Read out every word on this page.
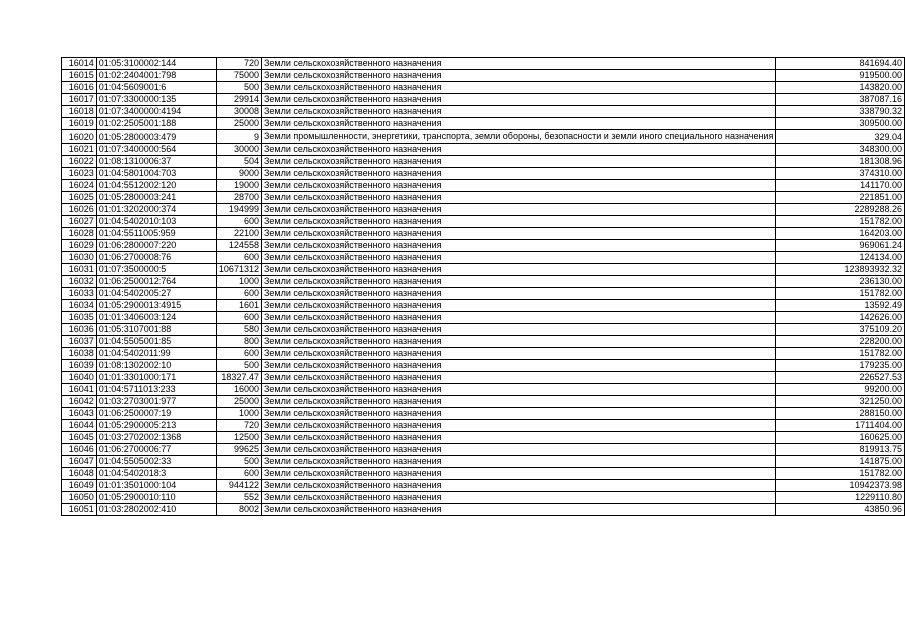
16014	01:05:3100002:144	720	Земли сельскохозяйственного назначения	841694.40
16015	01:02:2404001:798	75000	Земли сельскохозяйственного назначения	919500.00
16016	01:04:5609001:6	500	Земли сельскохозяйственного назначения	143820.00
16017	01:07:3300000:135	29914	Земли сельскохозяйственного назначения	387087.16
16018	01:07:3400000:4194	30008	Земли сельскохозяйственного назначения	338790.32
16019	01:02:2505001:188	25000	Земли сельскохозяйственного назначения	309500.00
16020	01:05:2800003:479	9	Земли промышленности, энергетики, транспорта, земли обороны, безопасности и земли иного специального назначения	329.04
16021	01:07:3400000:564	30000	Земли сельскохозяйственного назначения	348300.00
16022	01:08:1310006:37	504	Земли сельскохозяйственного назначения	181308.96
16023	01:04:5801004:703	9000	Земли сельскохозяйственного назначения	374310.00
16024	01:04:5512002:120	19000	Земли сельскохозяйственного назначения	141170.00
16025	01:05:2800003:241	28700	Земли сельскохозяйственного назначения	221851.00
16026	01:01:3202000:374	194999	Земли сельскохозяйственного назначения	2289288.26
16027	01:04:5402010:103	600	Земли сельскохозяйственного назначения	151782.00
16028	01:04:5511005:959	22100	Земли сельскохозяйственного назначения	164203.00
16029	01:06:2800007:220	124558	Земли сельскохозяйственного назначения	969061.24
16030	01:06:2700008:76	600	Земли сельскохозяйственного назначения	124134.00
16031	01:07:3500000:5	10671312	Земли сельскохозяйственного назначения	123893932.32
16032	01:06:2500012:764	1000	Земли сельскохозяйственного назначения	236130.00
16033	01:04:5402005:27	600	Земли сельскохозяйственного назначения	151782.00
16034	01:05:2900013:4915	1601	Земли сельскохозяйственного назначения	13592.49
16035	01:01:3406003:124	600	Земли сельскохозяйственного назначения	142626.00
16036	01:05:3107001:88	580	Земли сельскохозяйственного назначения	375109.20
16037	01:04:5505001:85	800	Земли сельскохозяйственного назначения	228200.00
16038	01:04:5402011:99	600	Земли сельскохозяйственного назначения	151782.00
16039	01:08:1302002:10	500	Земли сельскохозяйственного назначения	179235.00
16040	01:01:3301000:171	18327.47	Земли сельскохозяйственного назначения	226527.53
16041	01:04:5711013:233	16000	Земли сельскохозяйственного назначения	99200.00
16042	01:03:2703001:977	25000	Земли сельскохозяйственного назначения	321250.00
16043	01:06:2500007:19	1000	Земли сельскохозяйственного назначения	288150.00
16044	01:05:2900005:213	720	Земли сельскохозяйственного назначения	1711404.00
16045	01:03:2702002:1368	12500	Земли сельскохозяйственного назначения	160625.00
16046	01:06:2700006:77	99625	Земли сельскохозяйственного назначения	819913.75
16047	01:04:5505002:33	500	Земли сельскохозяйственного назначения	141875.00
16048	01:04:5402018:3	600	Земли сельскохозяйственного назначения	151782.00
16049	01:01:3501000:104	944122	Земли сельскохозяйственного назначения	10942373.98
16050	01:05:2900010:110	552	Земли сельскохозяйственного назначения	1229110.80
16051	01:03:2802002:410	8002	Земли сельскохозяйственного назначения	43850.96
